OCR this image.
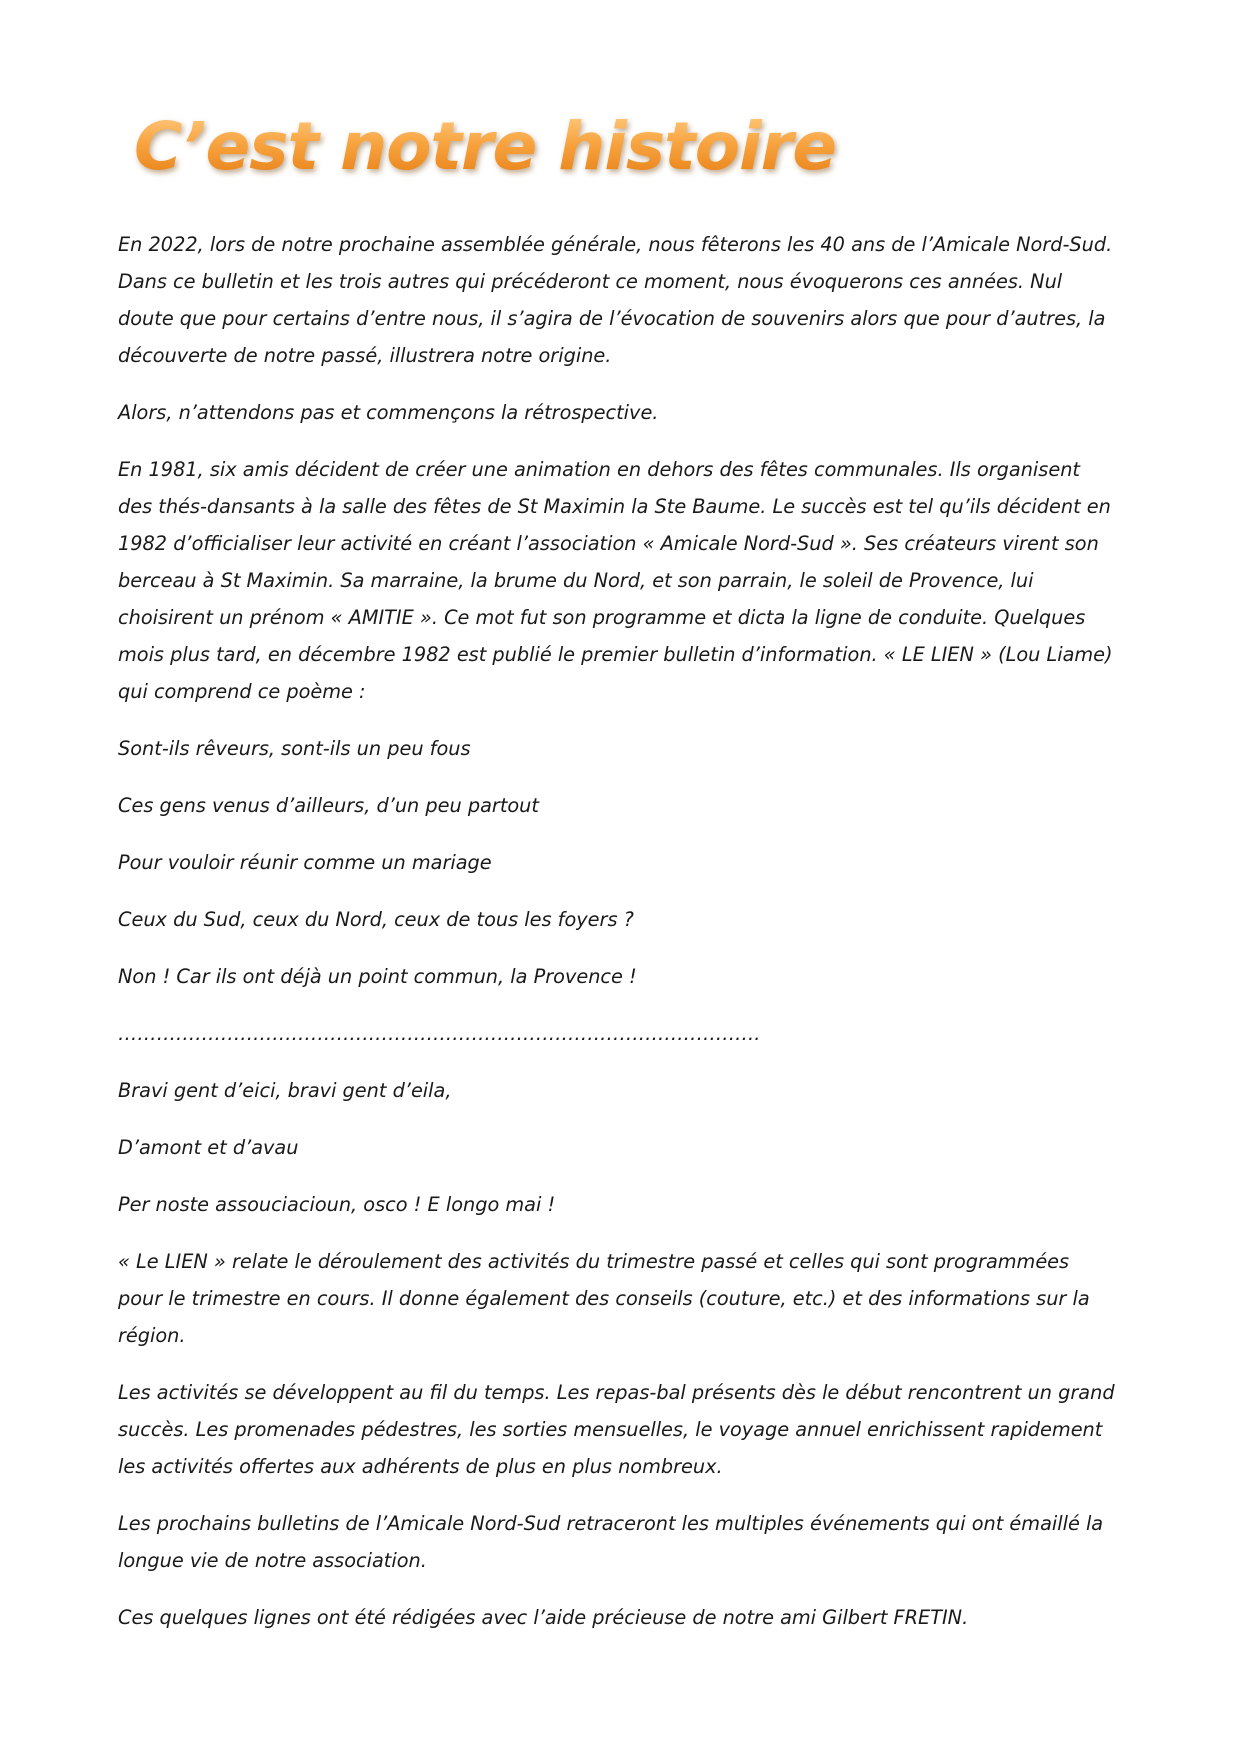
C’est notre histoire

En 2022, lors de notre prochaine assemblée générale, nous fêterons les 40 ans de l’Amicale Nord-Sud. Dans ce bulletin et les trois autres qui précéderont ce moment, nous évoquerons ces années. Nul doute que pour certains d’entre nous, il s’agira de l’évocation de souvenirs alors que pour d’autres, la découverte de notre passé, illustrera notre origine.

Alors, n’attendons pas et commençons la rétrospective.

En 1981, six amis décident de créer une animation en dehors des fêtes communales. Ils organisent des thés-dansants à la salle des fêtes de St Maximin la Ste Baume. Le succès est tel qu’ils décident en 1982 d’officialiser leur activité en créant l’association « Amicale Nord-Sud ». Ses créateurs virent son berceau à St Maximin. Sa marraine, la brume du Nord, et son parrain, le soleil de Provence, lui choisirent un prénom « AMITIE ». Ce mot fut son programme et dicta la ligne de conduite. Quelques mois plus tard, en décembre 1982 est publié le premier bulletin d’information. « LE LIEN » (Lou Liame) qui comprend ce poème :

Sont-ils rêveurs, sont-ils un peu fous

Ces gens venus d’ailleurs, d’un peu partout

Pour vouloir réunir comme un mariage

Ceux du Sud, ceux du Nord, ceux de tous les foyers ?

Non ! Car ils ont déjà un point commun, la Provence !

……………………………………………………………………………………….

Bravi gent d’eici, bravi gent d’eila,

D’amont et d’avau

Per noste assouciacioun, osco ! E longo mai !

« Le LIEN » relate le déroulement des activités du trimestre passé et celles qui sont programmées pour le trimestre en cours. Il donne également des conseils (couture, etc.) et des informations sur la région.

Les activités se développent au fil du temps. Les repas-bal présents dès le début rencontrent un grand succès. Les promenades pédestres, les sorties mensuelles, le voyage annuel enrichissent rapidement les activités offertes aux adhérents de plus en plus nombreux.

Les prochains bulletins de l’Amicale Nord-Sud retraceront les multiples événements qui ont émaillé la longue vie de notre association.

Ces quelques lignes ont été rédigées avec l’aide précieuse de notre ami Gilbert FRETIN.
